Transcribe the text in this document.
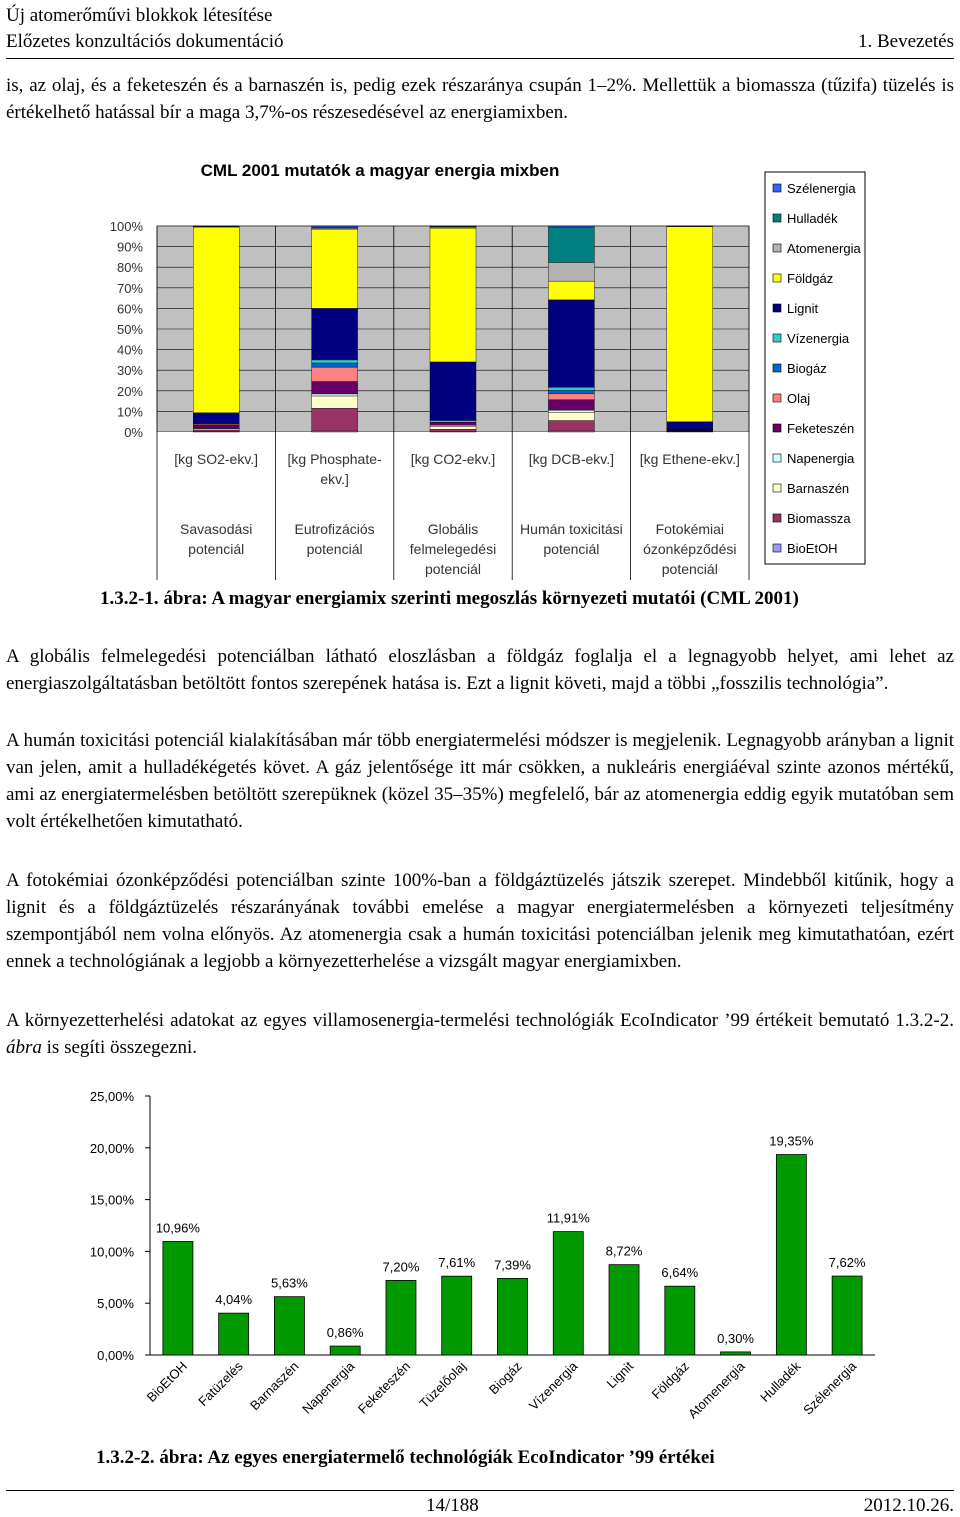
Új atomerőművi blokkok létesítése
Előzetes konzultációs dokumentáció	1. Bevezetés

is, az olaj, és a feketeszén és a barnaszén is, pedig ezek részaránya csupán 1–2%. Mellettük a biomassza (tűzifa) tüzelés is értékelhető hatással bír a maga 3,7%-os részesedésével az energiamixben.

CML 2001 mutatók a magyar energia mixben
100%
90%
80%
70%
60%
50%
40%
30%
20%
10%
0%
[kg SO2-ekv.]
Savasodási
potenciál
[kg Phosphate-
ekv.]
Eutrofizációs
potenciál
[kg CO2-ekv.]
Globális
felmelegedési
potenciál
[kg DCB-ekv.]
Humán toxicitási
potenciál
[kg Ethene-ekv.]
Fotokémiai
ózonképződési
potenciál
Szélenergia
Hulladék
Atomenergia
Földgáz
Lignit
Vízenergia
Biogáz
Olaj
Feketeszén
Napenergia
Barnaszén
Biomassza
BioEtOH

1.3.2-1. ábra: A magyar energiamix szerinti megoszlás környezeti mutatói (CML 2001)

A globális felmelegedési potenciálban látható eloszlásban a földgáz foglalja el a legnagyobb helyet, ami lehet az energiaszolgáltatásban betöltött fontos szerepének hatása is. Ezt a lignit követi, majd a többi „fosszilis technológia”.

A humán toxicitási potenciál kialakításában már több energiatermelési módszer is megjelenik. Legnagyobb arányban a lignit van jelen, amit a hulladékégetés követ. A gáz jelentősége itt már csökken, a nukleáris energiáéval szinte azonos mértékű, ami az energiatermelésben betöltött szerepüknek (közel 35–35%) megfelelő, bár az atomenergia eddig egyik mutatóban sem volt értékelhetően kimutatható.

A fotokémiai ózonképződési potenciálban szinte 100%-ban a földgáztüzelés játszik szerepet. Mindebből kitűnik, hogy a lignit és a földgáztüzelés részarányának további emelése a magyar energiatermelésben a környezeti teljesítmény szempontjából nem volna előnyös. Az atomenergia csak a humán toxicitási potenciálban jelenik meg kimutathatóan, ezért ennek a technológiának a legjobb a környezetterhelése a vizsgált magyar energiamixben.

A környezetterhelési adatokat az egyes villamosenergia-termelési technológiák EcoIndicator ’99 értékeit bemutató 1.3.2-2. ábra is segíti összegezni.

25,00%
20,00%
15,00%
10,00%
5,00%
0,00%
10,96%
BioEtOH
4,04%
Fatüzelés
5,63%
Barnaszén
0,86%
Napenergia
7,20%
Feketeszén
7,61%
Tüzelőolaj
7,39%
Biogáz
11,91%
Vízenergia
8,72%
Lignit
6,64%
Földgáz
0,30%
Atomenergia
19,35%
Hulladék
7,62%
Szélenergia

1.3.2-2. ábra: Az egyes energiatermelő technológiák EcoIndicator ’99 értékei

14/188	2012.10.26.
